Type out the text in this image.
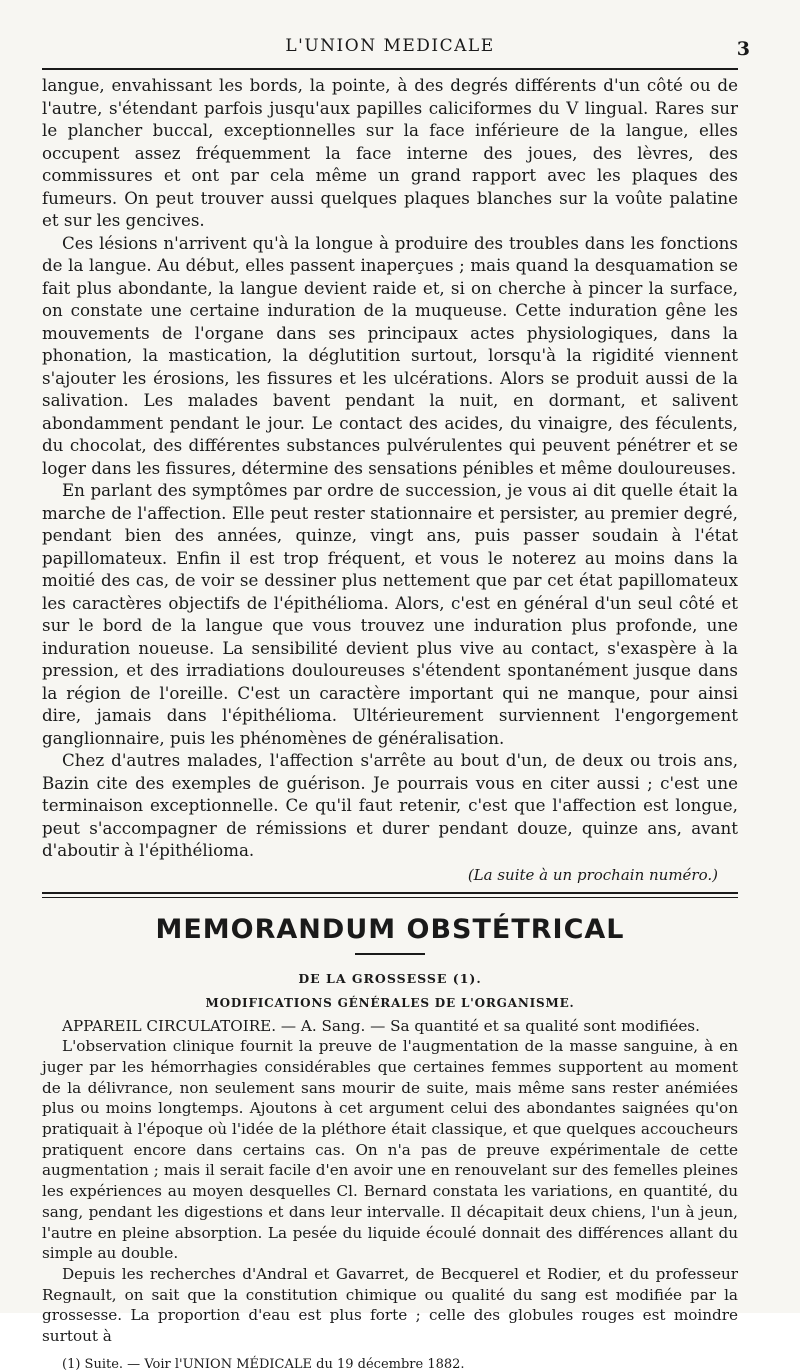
L'UNION MEDICALE	3

langue, envahissant les bords, la pointe, à des degrés différents d'un côté ou de l'autre, s'étendant parfois jusqu'aux papilles caliciformes du V lingual. Rares sur le plancher buccal, exceptionnelles sur la face inférieure de la langue, elles occupent assez fréquemment la face interne des joues, des lèvres, des commissures et ont par cela même un grand rapport avec les plaques des fumeurs. On peut trouver aussi quelques plaques blanches sur la voûte palatine et sur les gencives.

Ces lésions n'arrivent qu'à la longue à produire des troubles dans les fonctions de la langue. Au début, elles passent inaperçues ; mais quand la desquamation se fait plus abondante, la langue devient raide et, si on cherche à pincer la surface, on constate une certaine induration de la muqueuse. Cette induration gêne les mouvements de l'organe dans ses principaux actes physiologiques, dans la phonation, la mastication, la déglutition surtout, lorsqu'à la rigidité viennent s'ajouter les érosions, les fissures et les ulcérations. Alors se produit aussi de la salivation. Les malades bavent pendant la nuit, en dormant, et salivent abondamment pendant le jour. Le contact des acides, du vinaigre, des féculents, du chocolat, des différentes substances pulvérulentes qui peuvent pénétrer et se loger dans les fissures, détermine des sensations pénibles et même douloureuses.

En parlant des symptômes par ordre de succession, je vous ai dit quelle était la marche de l'affection. Elle peut rester stationnaire et persister, au premier degré, pendant bien des années, quinze, vingt ans, puis passer soudain à l'état papillomateux. Enfin il est trop fréquent, et vous le noterez au moins dans la moitié des cas, de voir se dessiner plus nettement que par cet état papillomateux les caractères objectifs de l'épithélioma. Alors, c'est en général d'un seul côté et sur le bord de la langue que vous trouvez une induration plus profonde, une induration noueuse. La sensibilité devient plus vive au contact, s'exaspère à la pression, et des irradiations douloureuses s'étendent spontanément jusque dans la région de l'oreille. C'est un caractère important qui ne manque, pour ainsi dire, jamais dans l'épithélioma. Ultérieurement surviennent l'engorgement ganglionnaire, puis les phénomènes de généralisation.

Chez d'autres malades, l'affection s'arrête au bout d'un, de deux ou trois ans, Bazin cite des exemples de guérison. Je pourrais vous en citer aussi ; c'est une terminaison exceptionnelle. Ce qu'il faut retenir, c'est que l'affection est longue, peut s'accompagner de rémissions et durer pendant douze, quinze ans, avant d'aboutir à l'épithélioma.

(La suite à un prochain numéro.)
MEMORANDUM OBSTÉTRICAL
DE LA GROSSESSE (1).
MODIFICATIONS GÉNÉRALES DE L'ORGANISME.

APPAREIL CIRCULATOIRE. — A. Sang. — Sa quantité et sa qualité sont modifiées.

L'observation clinique fournit la preuve de l'augmentation de la masse sanguine, à en juger par les hémorrhagies considérables que certaines femmes supportent au moment de la délivrance, non seulement sans mourir de suite, mais même sans rester anémiées plus ou moins longtemps. Ajoutons à cet argument celui des abondantes saignées qu'on pratiquait à l'époque où l'idée de la pléthore était classique, et que quelques accoucheurs pratiquent encore dans certains cas. On n'a pas de preuve expérimentale de cette augmentation ; mais il serait facile d'en avoir une en renouvelant sur des femelles pleines les expériences au moyen desquelles Cl. Bernard constata les variations, en quantité, du sang, pendant les digestions et dans leur intervalle. Il décapitait deux chiens, l'un à jeun, l'autre en pleine absorption. La pesée du liquide écoulé donnait des différences allant du simple au double.

Depuis les recherches d'Andral et Gavarret, de Becquerel et Rodier, et du professeur Regnault, on sait que la constitution chimique ou qualité du sang est modifiée par la grossesse. La proportion d'eau est plus forte ; celle des globules rouges est moindre surtout à

(1) Suite. — Voir l'UNION MÉDICALE du 19 décembre 1882.
